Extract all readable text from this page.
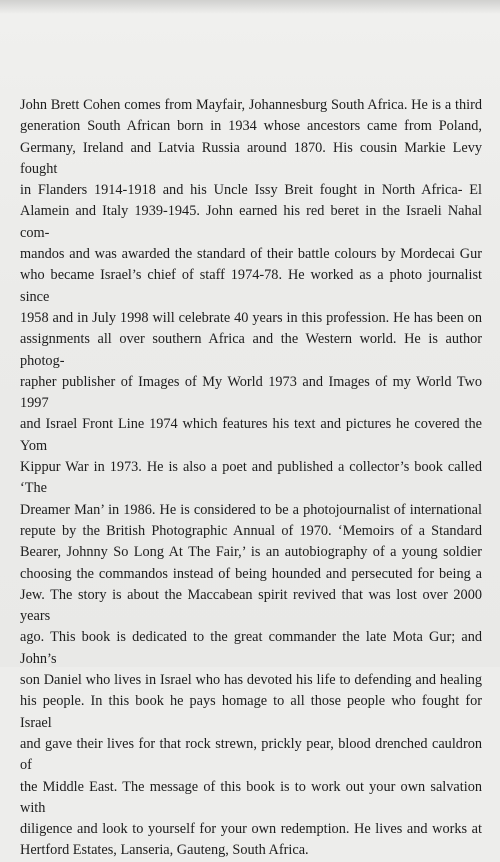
John Brett Cohen comes from Mayfair, Johannesburg South Africa. He is a third
generation South African born in 1934 whose ancestors came from Poland,
Germany, Ireland and Latvia Russia around 1870. His cousin Markie Levy fought
in Flanders 1914-1918 and his Uncle Issy Breit fought in North Africa- El
Alamein and Italy 1939-1945. John earned his red beret in the Israeli Nahal com-
mandos and was awarded the standard of their battle colours by Mordecai Gur
who became Israel’s chief of staff 1974-78. He worked as a photo journalist since
1958 and in July 1998 will celebrate 40 years in this profession. He has been on
assignments all over southern Africa and the Western world. He is author photog-
rapher publisher of Images of My World 1973 and Images of my World Two 1997
and Israel Front Line 1974 which features his text and pictures he covered the Yom
Kippur War in 1973. He is also a poet and published a collector’s book called ‘The
Dreamer Man’ in 1986. He is considered to be a photojournalist of international
repute by the British Photographic Annual of 1970. ‘Memoirs of a Standard
Bearer, Johnny So Long At The Fair,’ is an autobiography of a young soldier
choosing the commandos instead of being hounded and persecuted for being a
Jew. The story is about the Maccabean spirit revived that was lost over 2000 years
ago. This book is dedicated to the great commander the late Mota Gur; and John’s
son Daniel who lives in Israel who has devoted his life to defending and healing
his people. In this book he pays homage to all those people who fought for Israel
and gave their lives for that rock strewn, prickly pear, blood drenched cauldron of
the Middle East. The message of this book is to work out your own salvation with
diligence and look to yourself for your own redemption. He lives and works at
Hertford Estates, Lanseria, Gauteng, South Africa.
